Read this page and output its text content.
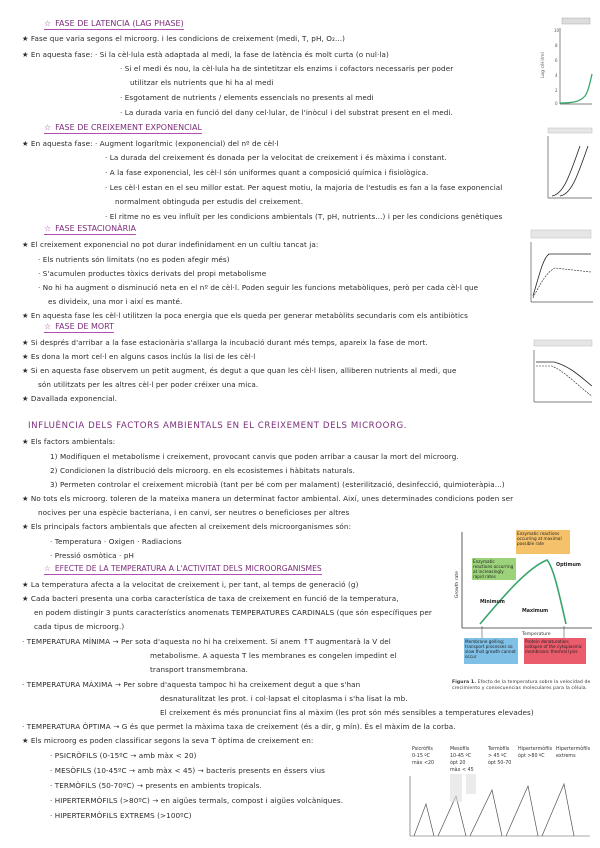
☆ FASE DE LATENCIA (LAG PHASE)
★ Fase que varia segons el microorg. i les condicions de creixement (medi, T, pH, O₂...)
★ En aquesta fase: · Si la cèl·lula està adaptada al medi, la fase de latència és molt curta (o nul·la)
· Si el medi és nou, la cèl·lula ha de sintetitzar els enzims i cofactors necessaris per poder
utilitzar els nutrients que hi ha al medi
· Esgotament de nutrients / elements essencials no presents al medi
· La durada varia en funció del dany cel·lular, de l'inòcul i del substrat present en el medi.
☆ FASE DE CREIXEMENT EXPONENCIAL
★ En aquesta fase: · Augment logarítmic (exponencial) del nº de cèl·l
· La durada del creixement és donada per la velocitat de creixement i és màxima i constant.
· A la fase exponencial, les cèl·l són uniformes quant a composició química i fisiològica.
· Les cèl·l estan en el seu millor estat. Per aquest motiu, la majoria de l'estudis es fan a la fase exponencial
normalment obtinguda per estudis del creixement.
· El ritme no es veu influït per les condicions ambientals (T, pH, nutrients...) i per les condicions genètiques
☆ FASE ESTACIONÀRIA
★ El creixement exponencial no pot durar indefinidament en un cultiu tancat ja:
· Els nutrients són limitats (no es poden afegir més)
· S'acumulen productes tòxics derivats del propi metabolisme
· No hi ha augment o disminució neta en el nº de cèl·l. Poden seguir les funcions metabòliques, però per cada cèl·l que
es divideix, una mor i així es manté.
★ En aquesta fase les cèl·l utilitzen la poca energia que els queda per generar metabòlits secundaris com els antibiòtics
☆ FASE DE MORT
★ Si després d'arribar a la fase estacionària s'allarga la incubació durant més temps, apareix la fase de mort.
★ Es dona la mort cel·l en alguns casos inclús la lisi de les cèl·l
★ Si en aquesta fase observem un petit augment, és degut a que quan les cèl·l lisen, alliberen nutrients al medi, que
són utilitzats per les altres cèl·l per poder créixer una mica.
★ Davallada exponencial.
INFLUÈNCIA DELS FACTORS AMBIENTALS EN EL CREIXEMENT DELS MICROORG.
★ Els factors ambientals:
1) Modifiquen el metabolisme i creixement, provocant canvis que poden arribar a causar la mort del microorg.
2) Condicionen la distribució dels microorg. en els ecosistemes i hàbitats naturals.
3) Permeten controlar el creixement microbià (tant per bé com per malament) (esterilització, desinfecció, quimioteràpia...)
★ No tots els microorg. toleren de la mateixa manera un determinat factor ambiental. Així, unes determinades condicions poden ser
nocives per una espècie bacteriana, i en canvi, ser neutres o beneficioses per altres
★ Els principals factors ambientals que afecten al creixement dels microorganismes són:
· Temperatura · Oxigen · Radiacions
· Pressió osmòtica · pH
☆ EFECTE DE LA TEMPERATURA A L'ACTIVITAT DELS MICROORGANISMES
★ La temperatura afecta a la velocitat de creixement i, per tant, al temps de generació (g)
★ Cada bacteri presenta una corba característica de taxa de creixement en funció de la temperatura,
en podem distingir 3 punts característics anomenats TEMPERATURES CARDINALS (que són específiques per
cada tipus de microorg.)
· TEMPERATURA MÍNIMA → Per sota d'aquesta no hi ha creixement. Si anem ↑T augmentarà la V del
metabolisme. A aquesta T les membranes es congelen impedint el
transport transmembrana.
· TEMPERATURA MÀXIMA → Per sobre d'aquesta tampoc hi ha creixement degut a que s'han
desnaturalitzat les prot. i col·lapsat el citoplasma i s'ha lisat la mb.
El creixement és més pronunciat fins al màxim (les prot són més sensibles a temperatures elevades)
· TEMPERATURA ÒPTIMA → G és que permet la màxima taxa de creixement (és a dir, g mín). És el màxim de la corba.
★ Els microorg es poden classificar segons la seva T òptima de creixement en:
· PSICRÒFILS (0-15ºC → amb màx < 20)
· MESÒFILS (10-45ºC → amb màx < 45) → bacteris presents en éssers vius
· TERMÒFILS (50-70ºC) → presents en ambients tropicals.
· HIPERTERMÒFILS (>80ºC) → en aigües termals, compost i aigües volcàniques.
· HIPERTERMÒFILS EXTREMS (>100ºC)
Log cèl·l/ml
10
8
6
4
2
0
Growth rate
Temperature
Enzymatic reactions occurring at maximal possible rate
Enzymatic reactions occurring at increasingly rapid rates
Optimum
Minimum
Maximum
Membrane gelling; transport processes so slow that growth cannot occur
Protein denaturation; collapse of the cytoplasmic membrane; thermal lysis
Figura 1. Efecto de la temperatura sobre la velocidad de crecimiento y consecuencias moleculares para la célula.
Psicròfils
0-15 ºC
màx <20
Mesòfils
10-45 ºC
òpt 20
màx < 45
Termòfils
> 45 ºC
òpt 50-70
Hipertermòfils
òpt >80 ºC
Hipertermòfils
extrems
